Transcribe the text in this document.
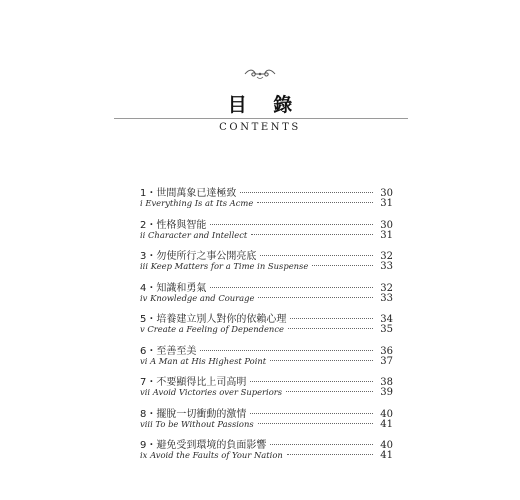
目 錄
CONTENTS
1・世間萬象已達極致	30
i Everything Is at Its Acme	31
2・性格與智能	30
ii Character and Intellect	31
3・勿使所行之事公開亮底	32
iii Keep Matters for a Time in Suspense	33
4・知識和勇氣	32
iv Knowledge and Courage	33
5・培養建立別人對你的依賴心理	34
v Create a Feeling of Dependence	35
6・至善至美	36
vi A Man at His Highest Point	37
7・不要顯得比上司高明	38
vii Avoid Victories over Superiors	39
8・擺脫一切衝動的激情	40
viii To be Without Passions	41
9・避免受到環境的負面影響	40
ix Avoid the Faults of Your Nation	41
